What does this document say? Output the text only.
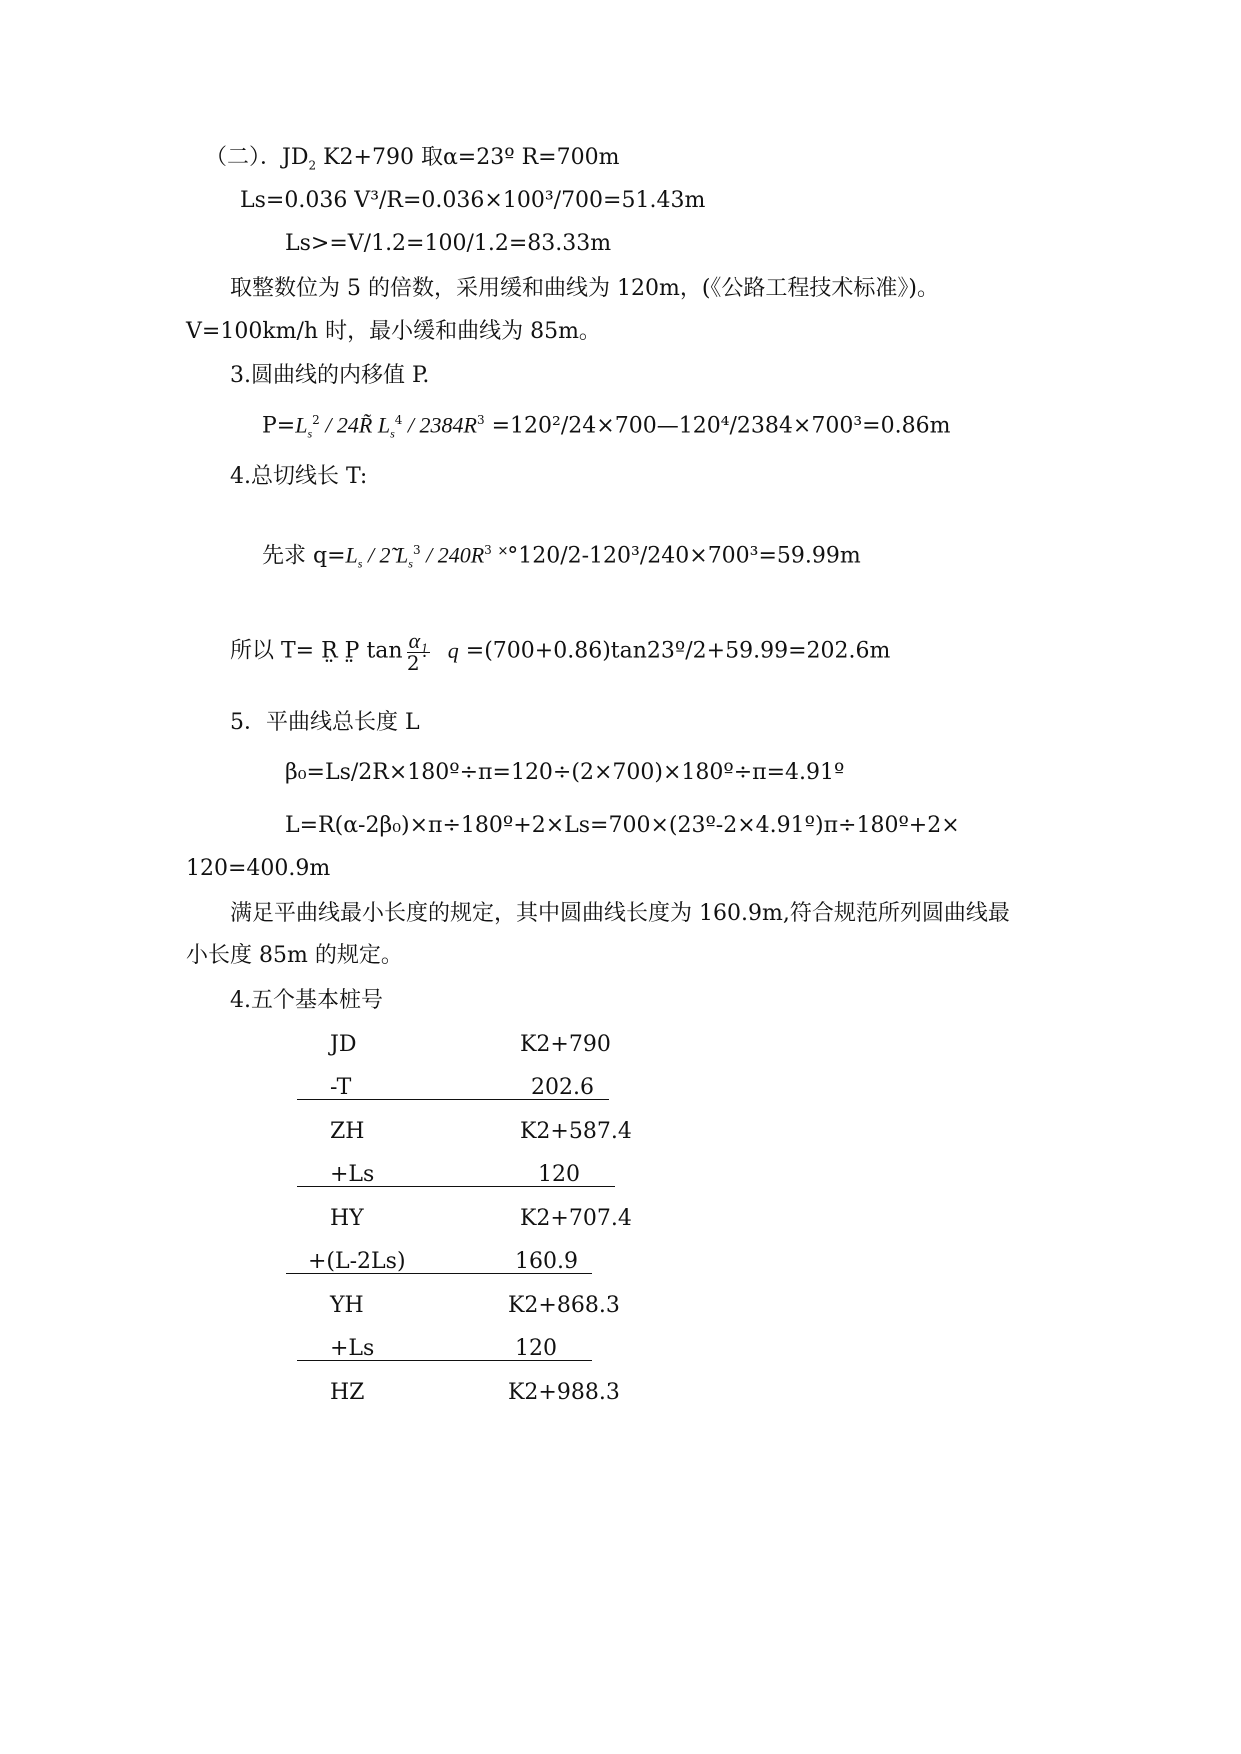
（二）．$JD_2$ K2+790 取α=23º R=700m
Ls=0.036 V³/R=0.036×100³/700=51.43m
Ls>=V/1.2=100/1.2=83.33m
取整数位为 5 的倍数，采用缓和曲线为 120m，(《公路工程技术标准》)。
V=100km/h 时，最小缓和曲线为 85m。
3.圆曲线的内移值 P.
$P=L_s^2$ / 24R̃ $L_s^4 / 2384R^3$ =120²/24×700—120⁴/2384×700³=0.86m
4.总切线长 T:
先求 $q=L_s$ / 2̃ $L_s^3 / 240R^3$ ˟°120/2-120³/240×700³=59.99m
所以 T= R̤ P̤ $\tan \frac{\text{α₁}}{2˙}$ q =(700+0.86)tan23º/2+59.99=202.6m
5．平曲线总长度 L
β₀=Ls/2R×180º÷π=120÷(2×700)×180º÷π=4.91º
L=R(α-2β₀)×π÷180º+2×Ls=700×(23º-2×4.91º)π÷180º+2×
120=400.9m
满足平曲线最小长度的规定，其中圆曲线长度为 160.9m,符合规范所列圆曲线最
小长度 85m 的规定。
4.五个基本桩号
JD	K2+790
-T	202.6
ZH	K2+587.4
+Ls	120
HY	K2+707.4
+(L-2Ls)	160.9
YH	K2+868.3
+Ls	120
HZ	K2+988.3
